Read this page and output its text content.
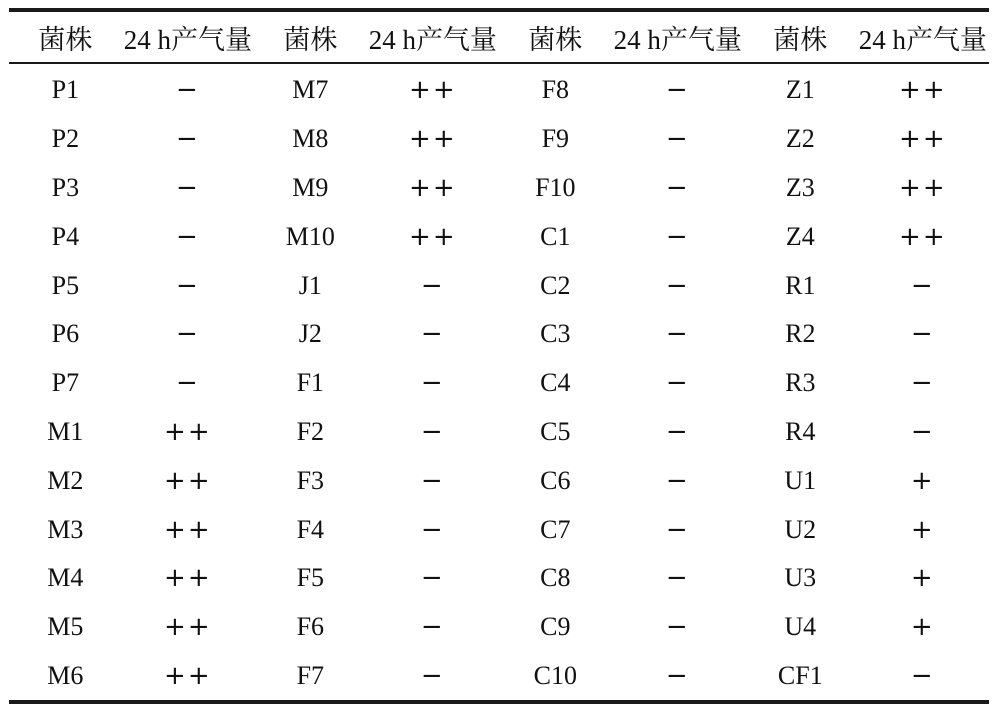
菌株	24 h产气量	菌株	24 h产气量	菌株	24 h产气量	菌株	24 h产气量
P1	−	M7	++	F8	−	Z1	++
P2	−	M8	++	F9	−	Z2	++
P3	−	M9	++	F10	−	Z3	++
P4	−	M10	++	C1	−	Z4	++
P5	−	J1	−	C2	−	R1	−
P6	−	J2	−	C3	−	R2	−
P7	−	F1	−	C4	−	R3	−
M1	++	F2	−	C5	−	R4	−
M2	++	F3	−	C6	−	U1	+
M3	++	F4	−	C7	−	U2	+
M4	++	F5	−	C8	−	U3	+
M5	++	F6	−	C9	−	U4	+
M6	++	F7	−	C10	−	CF1	−
